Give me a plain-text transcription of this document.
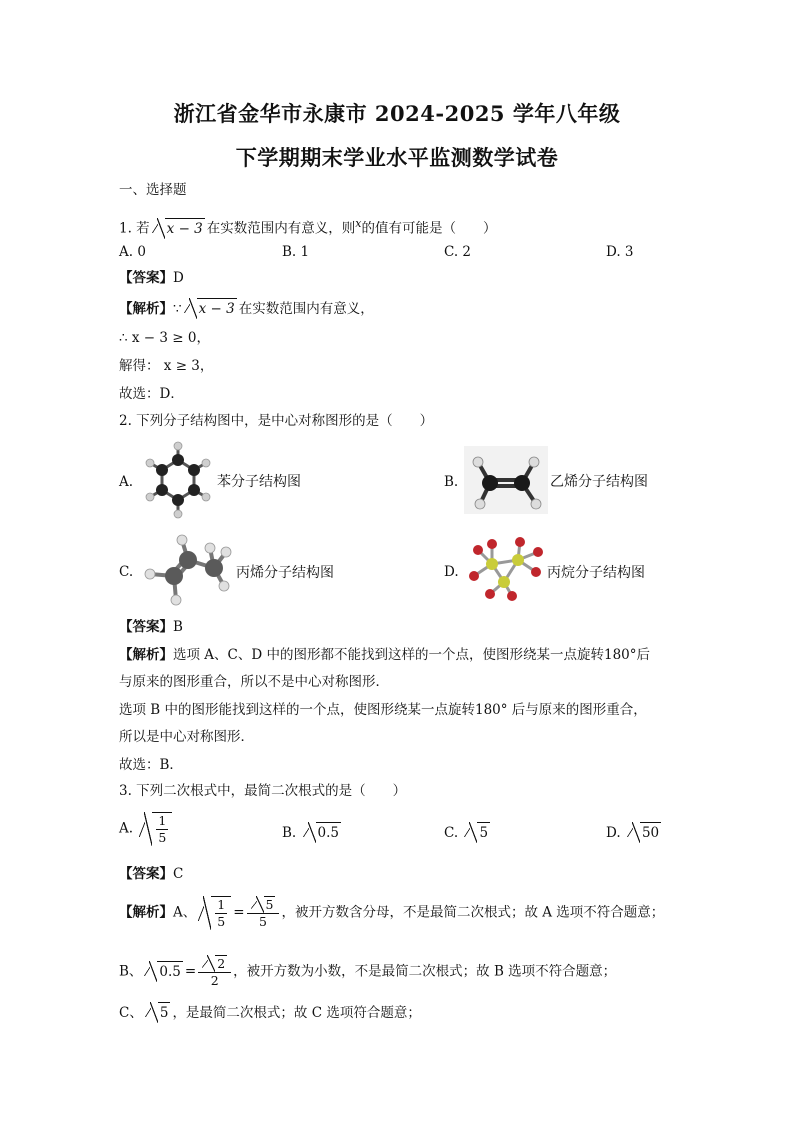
浙江省金华市永康市 2024-2025 学年八年级
下学期期末学业水平监测数学试卷
一、选择题
1. 若 x − 3 在实数范围内有意义，则$^x$的值有可能是（　　）
A. 0	B. 1	C. 2	D. 3
【答案】D
【解析】∵ x − 3 在实数范围内有意义，
∴ x − 3 ≥ 0，
解得： x ≥ 3，
故选：D．
2. 下列分子结构图中，是中心对称图形的是（　　）
A.	苯分子结构图	B.	乙烯分子结构图
C.	丙烯分子结构图	D.	丙烷分子结构图
【答案】B
【解析】选项 A、C、D 中的图形都不能找到这样的一个点，使图形绕某一点旋转180°后
与原来的图形重合，所以不是中心对称图形．
选项 B 中的图形能找到这样的一个点，使图形绕某一点旋转180° 后与原来的图形重合，
所以是中心对称图形．
故选：B．
3. 下列二次根式中，最简二次根式的是（　　）
A. $\frac{1}{5}$	B. 0.5	C. 5	D. 50
【答案】C
【解析】A、 $\frac{1}{5} = \frac{5}{5}$ ，被开方数含分母，不是最简二次根式；故 A 选项不符合题意；
B、 $0.5 = \frac{2}{2}$ ，被开方数为小数，不是最简二次根式；故 B 选项不符合题意；
C、 5 ，是最简二次根式；故 C 选项符合题意；
